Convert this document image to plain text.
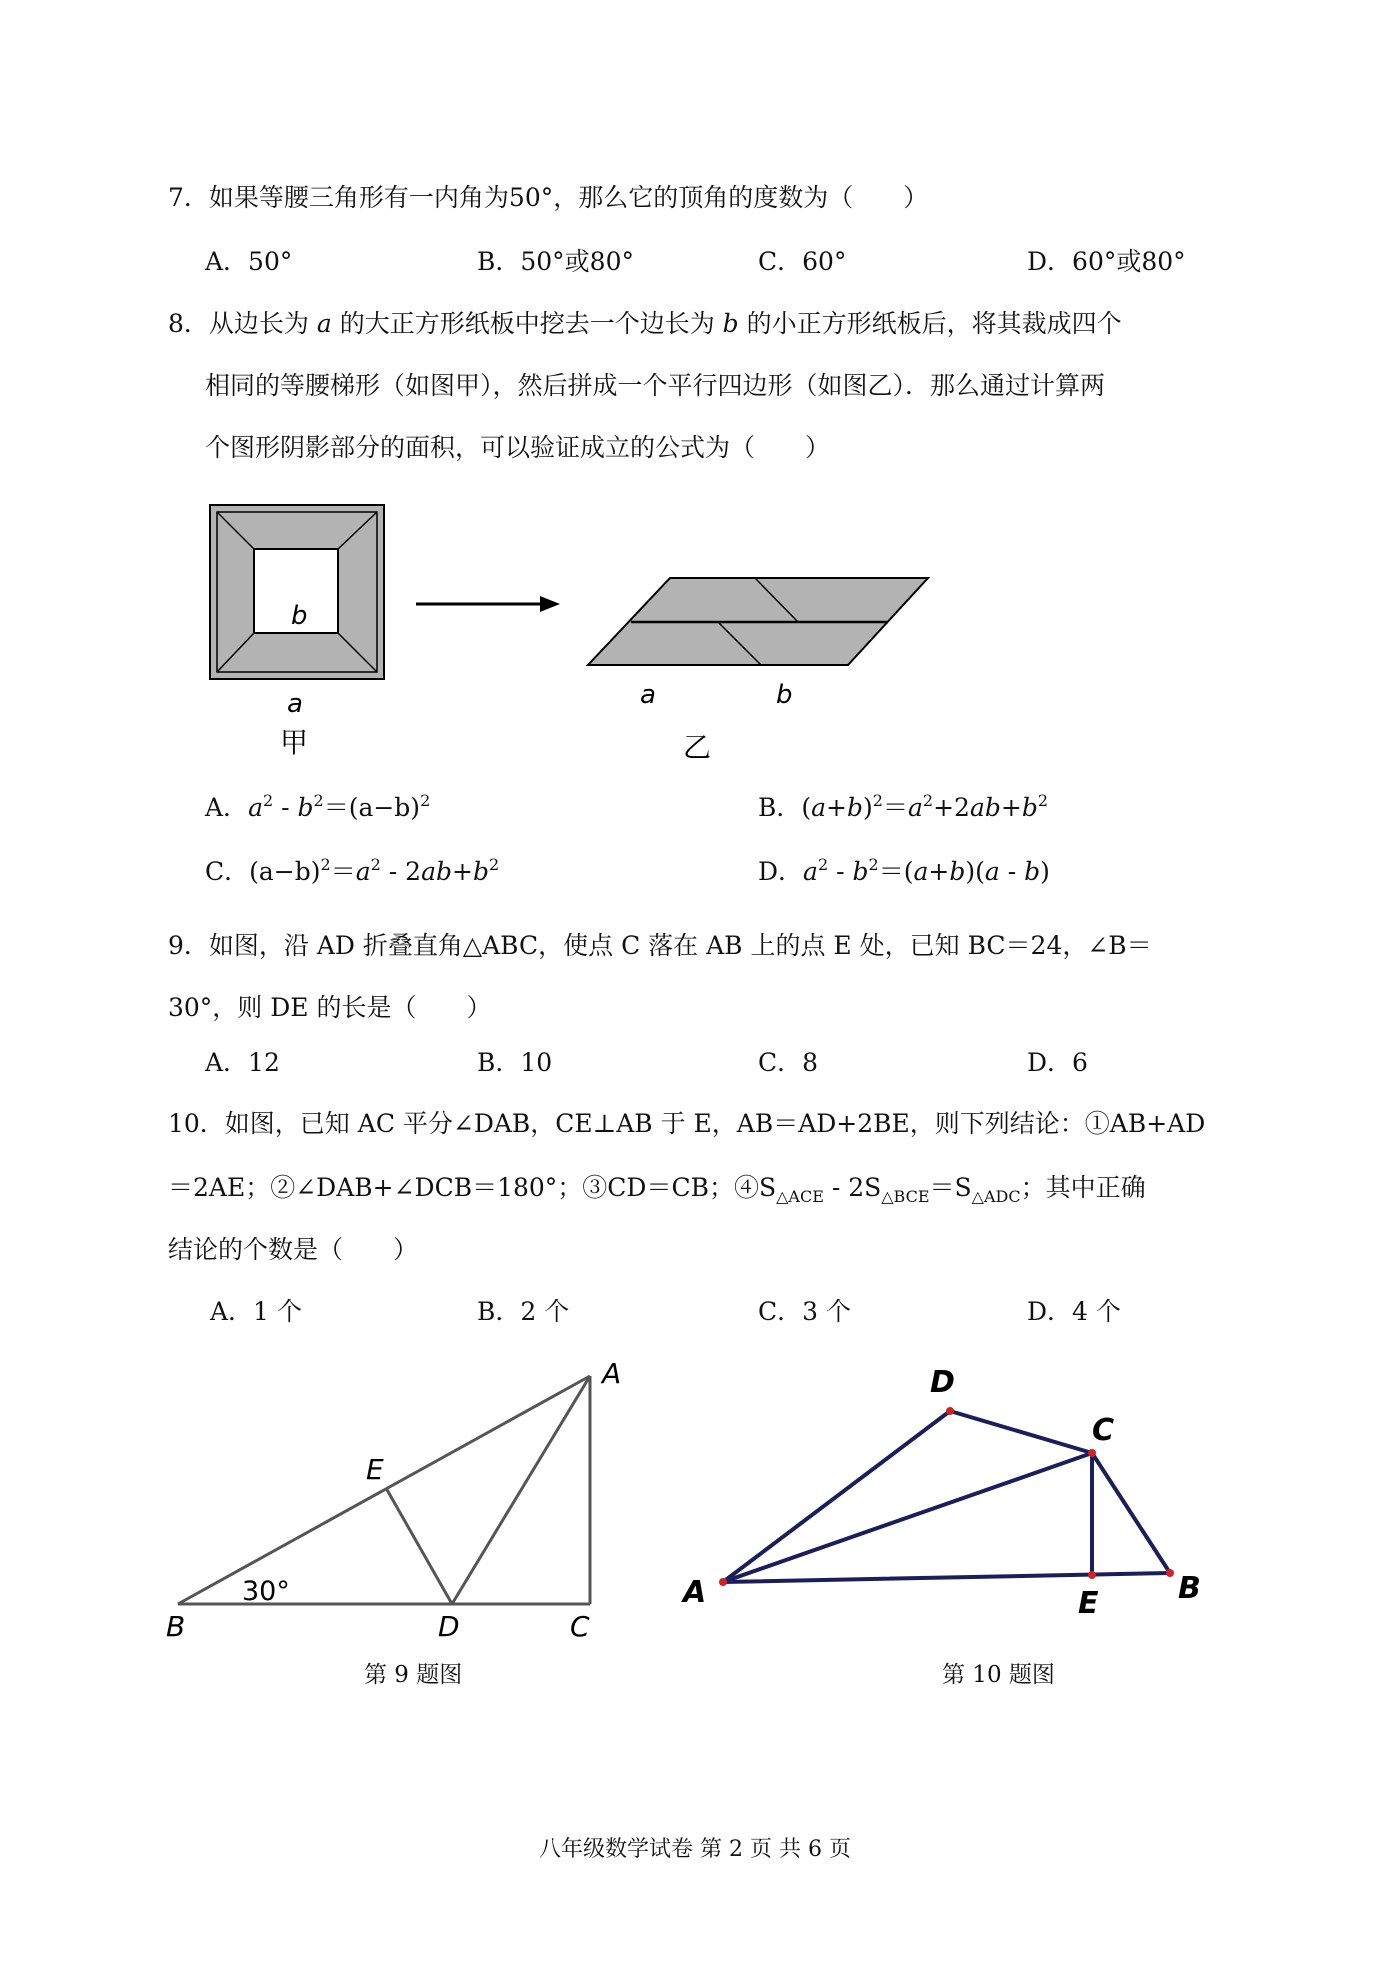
7．如果等腰三角形有一内角为50°，那么它的顶角的度数为（　　）
A．50°	B．50°或80°	C．60°	D．60°或80°
8．从边长为 a 的大正方形纸板中挖去一个边长为 b 的小正方形纸板后，将其裁成四个
相同的等腰梯形（如图甲），然后拼成一个平行四边形（如图乙）．那么通过计算两
个图形阴影部分的面积，可以验证成立的公式为（　　）
b
a
甲
a	b
乙
A．$a^2$ ‐ $b^2=(a-b)^2$	B．$(a+b)^2=a^2+2ab+b^2$
C．$(a-b)^2=a^2$ ‐ $2ab+b^2$	D．$a^2$ ‐ $b^2=(a+b)(a$ ‐ b)
9．如图，沿 AD 折叠直角△ABC，使点 C 落在 AB 上的点 E 处，已知 BC＝24，∠B＝
30°，则 DE 的长是（　　）
A．12	B．10	C．8	D．6
10．如图，已知 AC 平分∠DAB，CE⊥AB 于 E，AB＝AD+2BE，则下列结论：①AB+AD
＝2AE；②∠DAB+∠DCB＝180°；③CD＝CB；$④S_{\triangle ACE}$ ‐ $2S_{\triangle BCE}=S_{\triangle ADC}$；其中正确
结论的个数是（　　）
A．1 个	B．2 个	C．3 个	D．4 个
A
B	C
D
E
30°
第 9 题图
A	B
C
D
E
第 10 题图
八年级数学试卷 第 2 页 共 6 页
